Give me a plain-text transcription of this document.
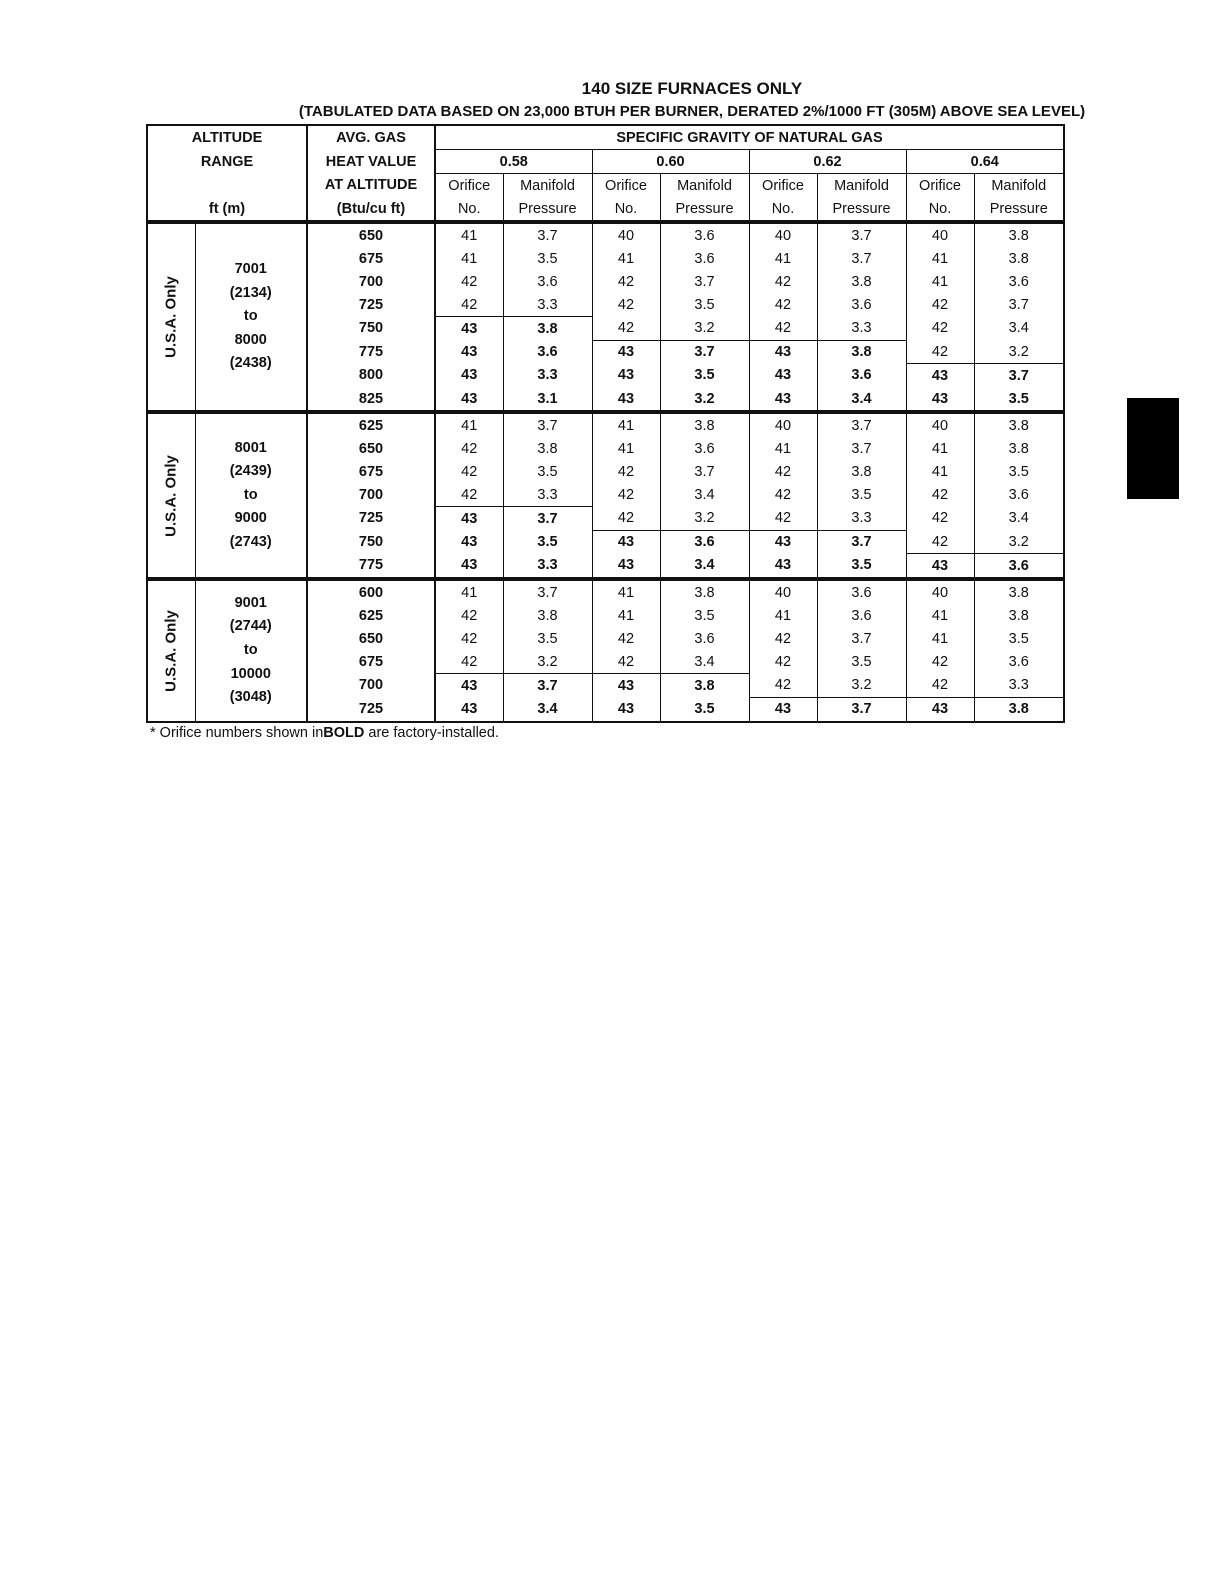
140 SIZE FURNACES ONLY
(TABULATED DATA BASED ON 23,000 BTUH PER BURNER, DERATED 2%/1000 FT (305M) ABOVE SEA LEVEL)
ALTITUDE		AVG. GAS	SPECIFIC GRAVITY OF NATURAL GAS							
RANGE		HEAT VALUE	0.58		0.60		0.62		0.64	
		AT ALTITUDE	Orifice	Manifold	Orifice	Manifold	Orifice	Manifold	Orifice	Manifold
ft (m)		(Btu/cu ft)	No.	Pressure	No.	Pressure	No.	Pressure	No.	Pressure

U.S.A. Only	7001
(2134)
to
8000
(2438)	650	41	3.7	40	3.6	40	3.7	40	3.8
		675	41	3.5	41	3.6	41	3.7	41	3.8
		700	42	3.6	42	3.7	42	3.8	41	3.6
		725	42	3.3	42	3.5	42	3.6	42	3.7
		750	43	3.8	42	3.2	42	3.3	42	3.4
		775	43	3.6	43	3.7	43	3.8	42	3.2
		800	43	3.3	43	3.5	43	3.6	43	3.7
		825	43	3.1	43	3.2	43	3.4	43	3.5

U.S.A. Only	8001
(2439)
to
9000
(2743)	625	41	3.7	41	3.8	40	3.7	40	3.8
		650	42	3.8	41	3.6	41	3.7	41	3.8
		675	42	3.5	42	3.7	42	3.8	41	3.5
		700	42	3.3	42	3.4	42	3.5	42	3.6
		725	43	3.7	42	3.2	42	3.3	42	3.4
		750	43	3.5	43	3.6	43	3.7	42	3.2
		775	43	3.3	43	3.4	43	3.5	43	3.6

U.S.A. Only	9001
(2744)
to
10000
(3048)	600	41	3.7	41	3.8	40	3.6	40	3.8
		625	42	3.8	41	3.5	41	3.6	41	3.8
		650	42	3.5	42	3.6	42	3.7	41	3.5
		675	42	3.2	42	3.4	42	3.5	42	3.6
		700	43	3.7	43	3.8	42	3.2	42	3.3
		725	43	3.4	43	3.5	43	3.7	43	3.8
* Orifice numbers shown inBOLD are factory-installed.
